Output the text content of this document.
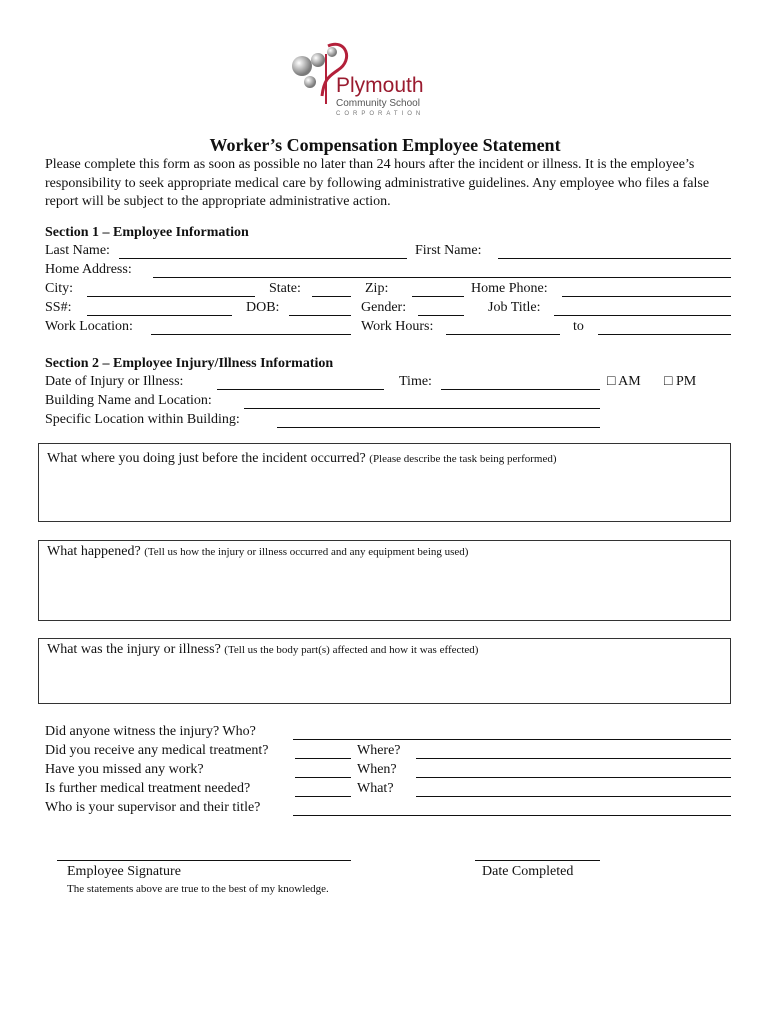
Plymouth
Community School
CORPORATION
Worker’s Compensation Employee Statement
Please complete this form as soon as possible no later than 24 hours after the incident or illness. It is the employee’s responsibility to seek appropriate medical care by following administrative guidelines. Any employee who files a false report will be subject to the appropriate administrative action.
Section 1 – Employee Information
Last Name:	First Name:
Home Address:
City:	State:	Zip:	Home Phone:
SS#:	DOB:	Gender:	Job Title:
Work Location:	Work Hours:	to
Section 2 – Employee Injury/Illness Information
Date of Injury or Illness:	Time:	□ AM □ PM
Building Name and Location:
Specific Location within Building:
What where you doing just before the incident occurred? (Please describe the task being performed)
What happened? (Tell us how the injury or illness occurred and any equipment being used)
What was the injury or illness? (Tell us the body part(s) affected and how it was effected)
Did anyone witness the injury? Who?
Did you receive any medical treatment?	Where?
Have you missed any work?	When?
Is further medical treatment needed?	What?
Who is your supervisor and their title?
Employee Signature	Date Completed
The statements above are true to the best of my knowledge.
